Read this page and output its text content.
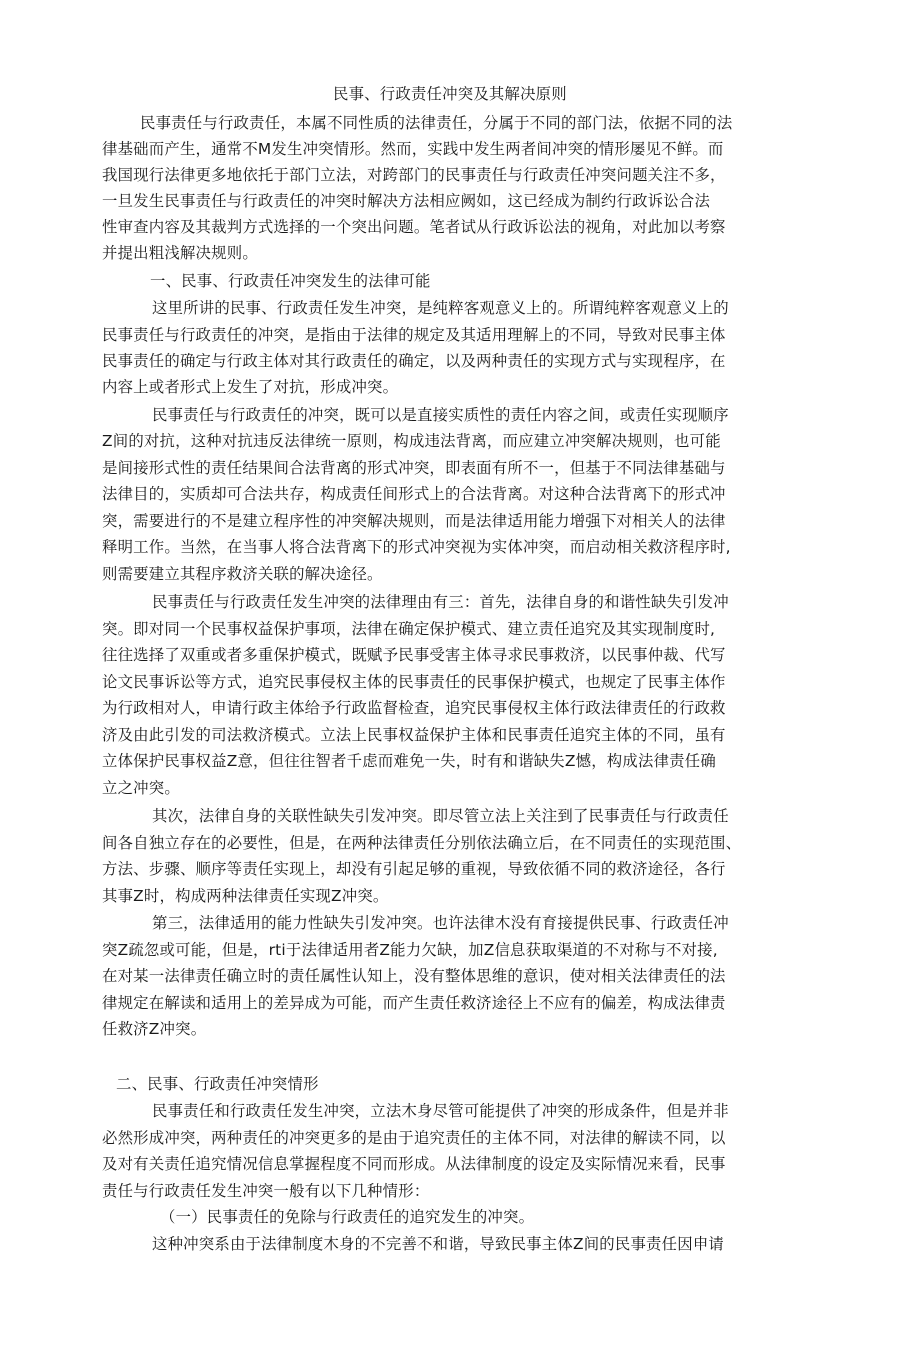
民事、行政责任冲突及其解决原则
民事责任与行政责任，本属不同性质的法律责任，分属于不同的部门法，依据不同的法
律基础而产生，通常不M发生冲突情形。然而，实践中发生两者间冲突的情形屡见不鲜。而
我国现行法律更多地依托于部门立法，对跨部门的民事责任与行政责任冲突问题关注不多，
一旦发生民事责任与行政责任的冲突时解决方法相应阙如，这已经成为制约行政诉讼合法
性审查内容及其裁判方式选择的一个突出问题。笔者试从行政诉讼法的视角，对此加以考察
并提出粗浅解决规则。
一、民事、行政责任冲突发生的法律可能
这里所讲的民事、行政责任发生冲突，是纯粹客观意义上的。所谓纯粹客观意义上的
民事责任与行政责任的冲突，是指由于法律的规定及其适用理解上的不同，导致对民事主体
民事责任的确定与行政主体对其行政责任的确定，以及两种责任的实现方式与实现程序，在
内容上或者形式上发生了对抗，形成冲突。
民事责任与行政责任的冲突，既可以是直接实质性的责任内容之间，或责任实现顺序
Z间的对抗，这种对抗违反法律统一原则，构成违法背离，而应建立冲突解决规则，也可能
是间接形式性的责任结果间合法背离的形式冲突，即表面有所不一，但基于不同法律基础与
法律目的，实质却可合法共存，构成责任间形式上的合法背离。对这种合法背离下的形式冲
突，需要进行的不是建立程序性的冲突解决规则，而是法律适用能力增强下对相关人的法律
释明工作。当然，在当事人将合法背离下的形式冲突视为实体冲突，而启动相关救济程序时,
则需要建立其程序救济关联的解决途径。
民事责任与行政责任发生冲突的法律理由有三：首先，法律自身的和谐性缺失引发冲
突。即对同一个民事权益保护事项，法律在确定保护模式、建立责任追究及其实现制度时,
往往选择了双重或者多重保护模式，既赋予民事受害主体寻求民事救济，以民事仲裁、代写
论文民事诉讼等方式，追究民事侵权主体的民事责任的民事保护模式，也规定了民事主体作
为行政相对人，申请行政主体给予行政监督检查，追究民事侵权主体行政法律责任的行政救
济及由此引发的司法救济模式。立法上民事权益保护主体和民事责任追究主体的不同，虽有
立体保护民事权益Z意，但往往智者千虑而难免一失，时有和谐缺失Z憾，构成法律责任确
立之冲突。
其次，法律自身的关联性缺失引发冲突。即尽管立法上关注到了民事责任与行政责任
间各自独立存在的必要性，但是，在两种法律责任分别依法确立后，在不同责任的实现范围、
方法、步骤、顺序等责任实现上，却没有引起足够的重视，导致依循不同的救济途径，各行
其事Z时，构成两种法律责任实现Z冲突。
第三，法律适用的能力性缺失引发冲突。也许法律木没有育接提供民事、行政责任冲
突Z疏忽或可能，但是，rti于法律适用者Z能力欠缺，加Z信息获取渠道的不对称与不对接,
在对某一法律责任确立时的责任属性认知上，没有整体思维的意识，使对相关法律责任的法
律规定在解读和适用上的差异成为可能，而产生责任救济途径上不应有的偏差，构成法律责
任救济Z冲突。
二、民事、行政责任冲突情形
民事责任和行政责任发生冲突，立法木身尽管可能提供了冲突的形成条件，但是并非
必然形成冲突，两种责任的冲突更多的是由于追究责任的主体不同，对法律的解读不同，以
及对有关责任追究情况信息掌握程度不同而形成。从法律制度的设定及实际情况来看，民事
责任与行政责任发生冲突一般有以下几种情形：
（一）民事责任的免除与行政责任的追究发生的冲突。
这种冲突系由于法律制度木身的不完善不和谐，导致民事主体Z间的民事责任因申请
